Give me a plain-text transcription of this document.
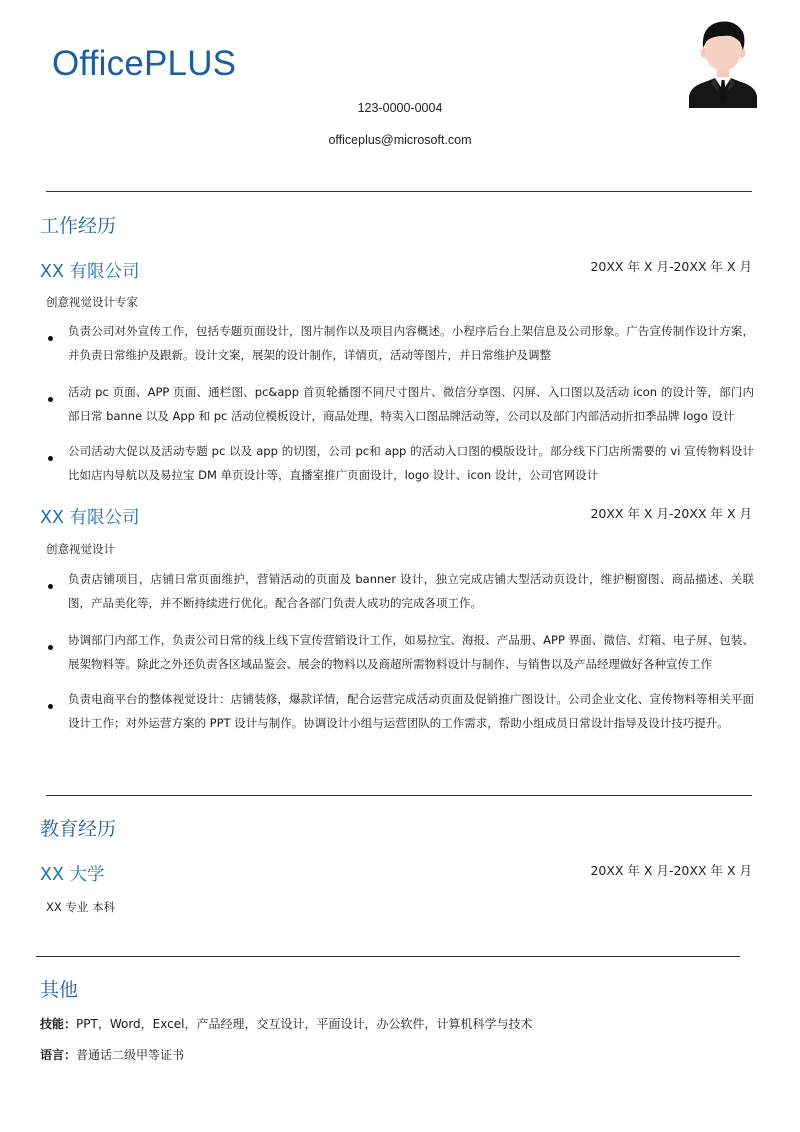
OfficePLUS
123-0000-0004
officeplus@microsoft.com
工作经历
XX 有限公司	20XX 年 X 月-20XX 年 X 月
创意视觉设计专家
负责公司对外宣传工作，包括专题页面设计，图片制作以及项目内容概述。小程序后台上架信息及公司形象。广告宣传制作设计方案，并负责日常维护及跟新。设计文案，展架的设计制作，详情页，活动等图片，并日常维护及调整
活动 pc 页面、APP 页面、通栏图、pc&app 首页轮播图不同尺寸图片、微信分享图、闪屏、入口图以及活动 icon 的设计等，部门内部日常 banne 以及 App 和 pc 活动位模板设计，商品处理，特卖入口图品牌活动等，公司以及部门内部活动折扣季品牌 logo 设计
公司活动大促以及活动专题 pc 以及 app 的切图，公司 pc和 app 的活动入口图的模版设计。部分线下门店所需要的 vi 宣传物料设计比如店内导航以及易拉宝 DM 单页设计等，直播室推广页面设计，logo 设计、icon 设计，公司官网设计
XX 有限公司	20XX 年 X 月-20XX 年 X 月
创意视觉设计
负责店铺项目，店铺日常页面维护，营销活动的页面及 banner 设计，独立完成店铺大型活动页设计，维护橱窗图、商品描述、关联图，产品美化等，并不断持续进行优化。配合各部门负责人成功的完成各项工作。
协调部门内部工作，负责公司日常的线上线下宣传营销设计工作，如易拉宝、海报、产品册、APP 界面、微信、灯箱、电子屏、包装、展架物料等。除此之外还负责各区域品鉴会、展会的物料以及商超所需物料设计与制作、与销售以及产品经理做好各种宣传工作
负责电商平台的整体视觉设计：店铺装修，爆款详情，配合运营完成活动页面及促销推广图设计。公司企业文化、宣传物料等相关平面设计工作；对外运营方案的 PPT 设计与制作。协调设计小组与运营团队的工作需求，帮助小组成员日常设计指导及设计技巧提升。
教育经历
XX 大学	20XX 年 X 月-20XX 年 X 月
XX 专业 本科
其他
技能：PPT，Word，Excel，产品经理，交互设计，平面设计，办公软件，计算机科学与技术
语言：普通话二级甲等证书
